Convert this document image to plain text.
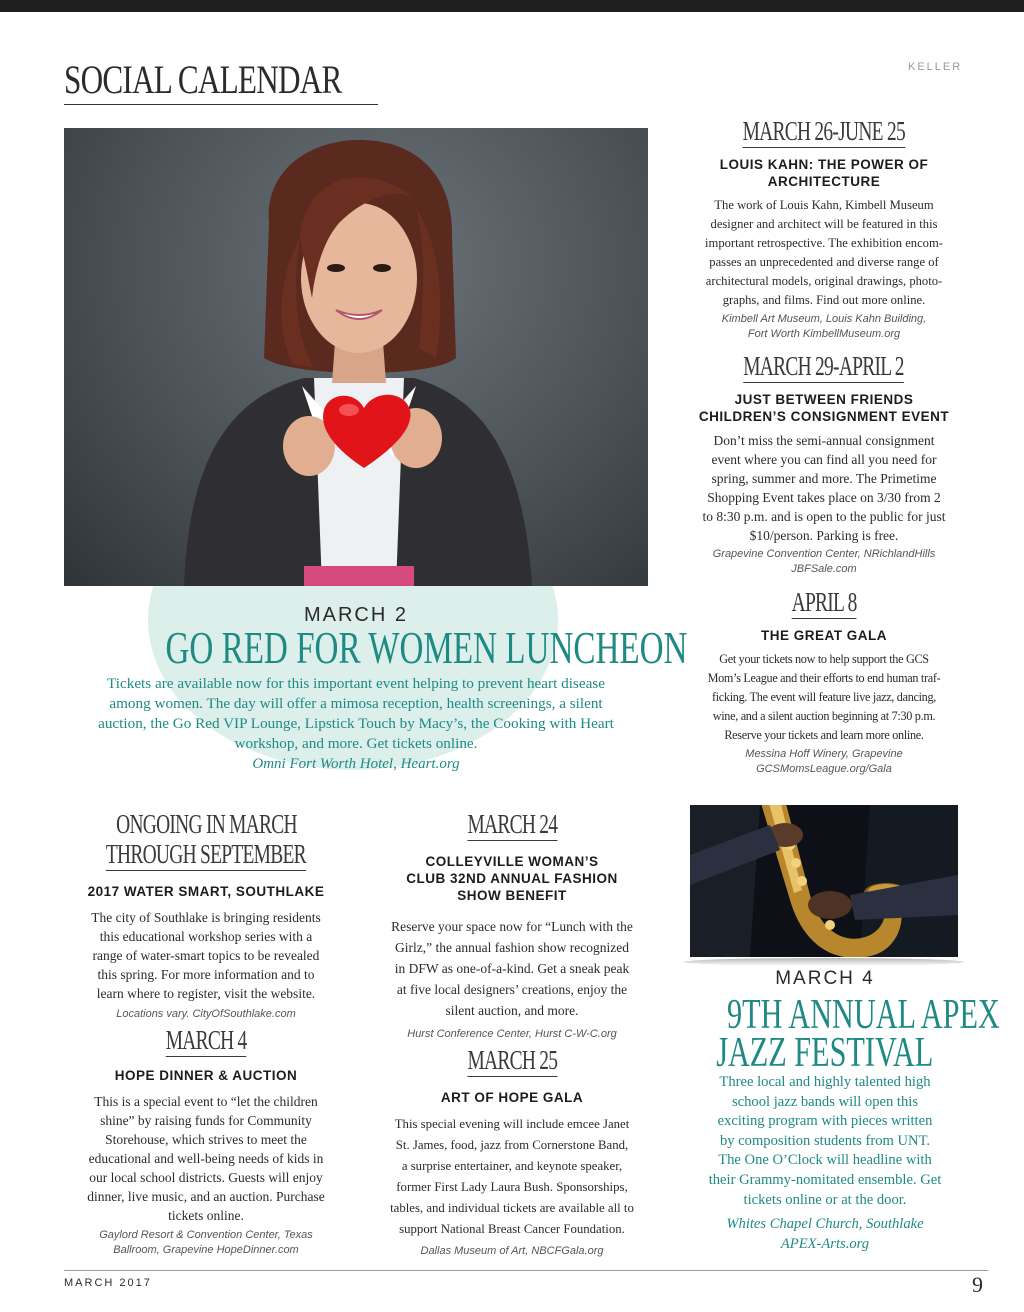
SOCIAL CALENDAR	KELLER
MARCH 2
GO RED FOR WOMEN LUNCHEON
Tickets are available now for this important event helping to prevent heart disease
among women. The day will offer a mimosa reception, health screenings, a silent
auction, the Go Red VIP Lounge, Lipstick Touch by Macy’s, the Cooking with Heart
workshop, and more. Get tickets online.
Omni Fort Worth Hotel, Heart.org
MARCH 26-JUNE 25
LOUIS KAHN: THE POWER OF
ARCHITECTURE
The work of Louis Kahn, Kimbell Museum
designer and architect will be featured in this
important retrospective. The exhibition encom-
passes an unprecedented and diverse range of
architectural models, original drawings, photo-
graphs, and films. Find out more online.
Kimbell Art Museum, Louis Kahn Building,
Fort Worth KimbellMuseum.org
MARCH 29-APRIL 2
JUST BETWEEN FRIENDS
CHILDREN’S CONSIGNMENT EVENT
Don’t miss the semi-annual consignment
event where you can find all you need for
spring, summer and more. The Primetime
Shopping Event takes place on 3/30 from 2
to 8:30 p.m. and is open to the public for just
$10/person. Parking is free.
Grapevine Convention Center, NRichlandHills
JBFSale.com
APRIL 8
THE GREAT GALA
Get your tickets now to help support the GCS
Mom’s League and their efforts to end human traf-
ficking. The event will feature live jazz, dancing,
wine, and a silent auction beginning at 7:30 p.m.
Reserve your tickets and learn more online.
Messina Hoff Winery, Grapevine
GCSMomsLeague.org/Gala
ONGOING IN MARCH
THROUGH SEPTEMBER
2017 WATER SMART, SOUTHLAKE
The city of Southlake is bringing residents
this educational workshop series with a
range of water-smart topics to be revealed
this spring. For more information and to
learn where to register, visit the website.
Locations vary. CityOfSouthlake.com
MARCH 4
HOPE DINNER & AUCTION
This is a special event to “let the children
shine” by raising funds for Community
Storehouse, which strives to meet the
educational and well-being needs of kids in
our local school districts. Guests will enjoy
dinner, live music, and an auction. Purchase
tickets online.
Gaylord Resort & Convention Center, Texas
Ballroom, Grapevine HopeDinner.com
MARCH 24
COLLEYVILLE WOMAN’S
CLUB 32ND ANNUAL FASHION
SHOW BENEFIT
Reserve your space now for “Lunch with the
Girlz,” the annual fashion show recognized
in DFW as one-of-a-kind. Get a sneak peak
at five local designers’ creations, enjoy the
silent auction, and more.
Hurst Conference Center, Hurst C-W-C.org
MARCH 25
ART OF HOPE GALA
This special evening will include emcee Janet
St. James, food, jazz from Cornerstone Band,
a surprise entertainer, and keynote speaker,
former First Lady Laura Bush. Sponsorships,
tables, and individual tickets are available all to
support National Breast Cancer Foundation.
Dallas Museum of Art, NBCFGala.org
MARCH 4
9TH ANNUAL APEX
JAZZ FESTIVAL
Three local and highly talented high
school jazz bands will open this
exciting program with pieces written
by composition students from UNT.
The One O’Clock will headline with
their Grammy-nomitated ensemble. Get
tickets online or at the door.
Whites Chapel Church, Southlake
APEX-Arts.org
MARCH 2017	9
